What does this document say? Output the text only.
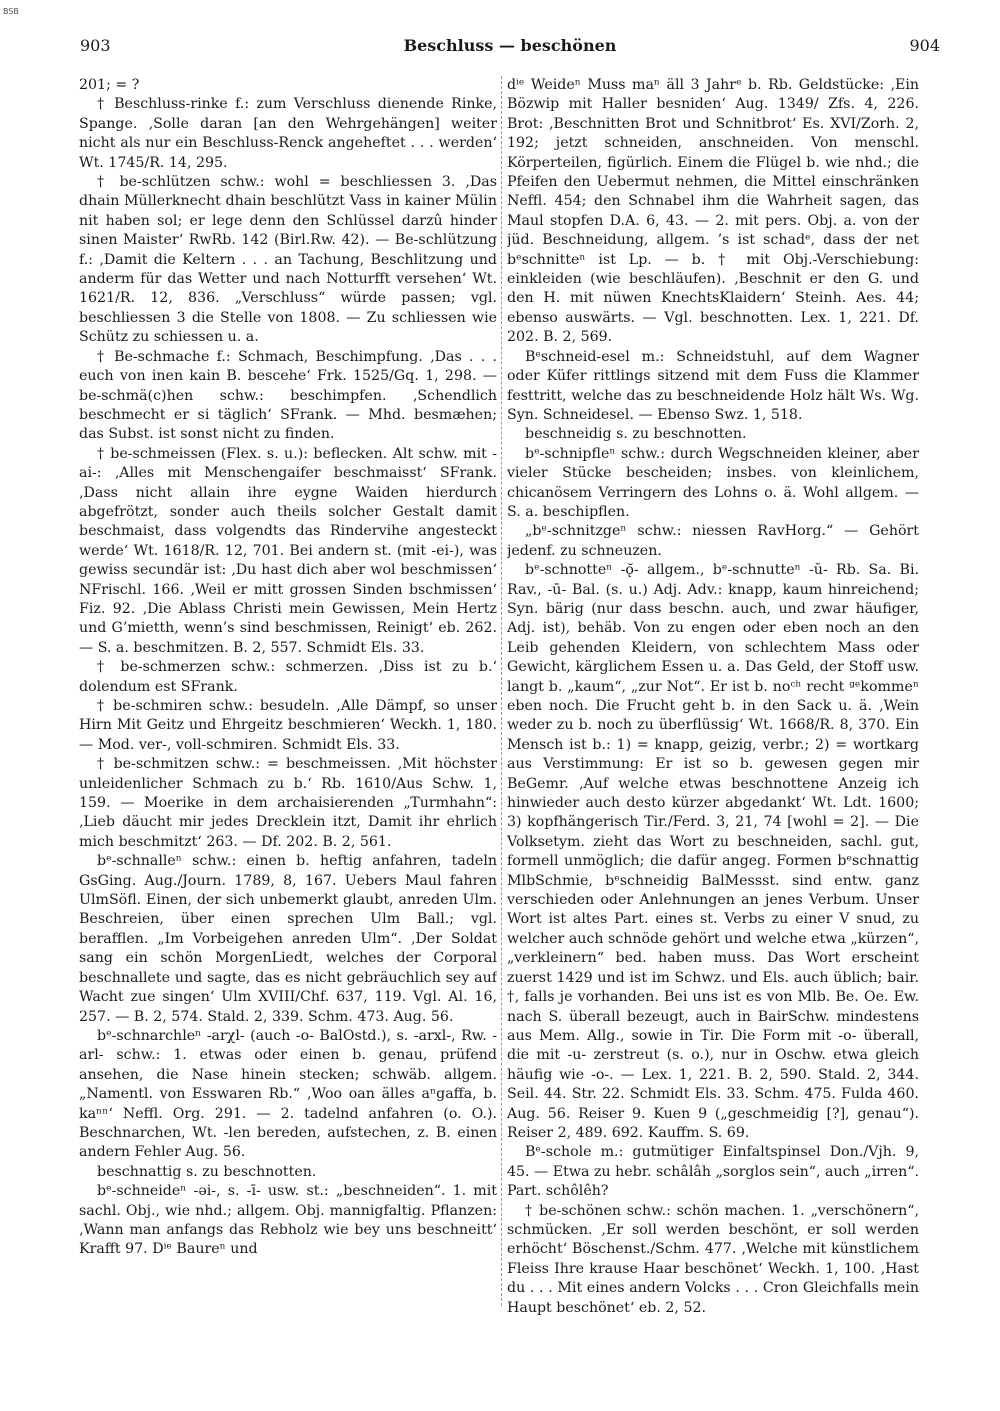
BSB
903	Beschluss — beschönen	904

201; = ?

† Beschluss-rinke f.: zum Verschluss dienende Rinke, Spange. ‚Solle daran [an den Wehrgehängen] weiter nicht als nur ein Beschluss-Renck angeheftet . . . werden‘ Wt. 1745/R. 14, 295.

† be-schlützen schw.: wohl = beschliessen 3. ‚Das dhain Müllerknecht dhain beschlützt Vass in kainer Mülin nit haben sol; er lege denn den Schlüssel darzû hinder sinen Maister‘ RwRb. 142 (Birl.Rw. 42). — Be-schlützung f.: ‚Damit die Keltern . . . an Tachung, Beschlitzung und anderm für das Wetter und nach Notturfft versehen‘ Wt. 1621/R. 12, 836. „Verschluss“ würde passen; vgl. beschliessen 3 die Stelle von 1808. — Zu schliessen wie Schütz zu schiessen u. a.

† Be-schmache f.: Schmach, Beschimpfung. ‚Das . . . euch von inen kain B. bescehe‘ Frk. 1525/Gq. 1, 298. — be-schmä(c)hen schw.: beschimpfen. ‚Schendlich beschmecht er si täglich‘ SFrank. — Mhd. besmæhen; das Subst. ist sonst nicht zu finden.

† be-schmeissen (Flex. s. u.): beflecken. Alt schw. mit -ai-: ‚Alles mit Menschengaifer beschmaisst‘ SFrank. ‚Dass nicht allain ihre eygne Waiden hierdurch abgefrötzt, sonder auch theils solcher Gestalt damit beschmaist, dass volgendts das Rindervihe angesteckt werde‘ Wt. 1618/R. 12, 701. Bei andern st. (mit -ei-), was gewiss secundär ist: ‚Du hast dich aber wol beschmissen‘ NFrischl. 166. ‚Weil er mitt grossen Sinden bschmissen‘ Fiz. 92. ‚Die Ablass Christi mein Gewissen, Mein Hertz und G’mietth, wenn’s sind beschmissen, Reinigt‘ eb. 262. — S. a. beschmitzen. B. 2, 557. Schmidt Els. 33.

† be-schmerzen schw.: schmerzen. ‚Diss ist zu b.‘ dolendum est SFrank.

† be-schmiren schw.: besudeln. ‚Alle Dämpf, so unser Hirn Mit Geitz und Ehrgeitz beschmieren‘ Weckh. 1, 180. — Mod. ver-, voll-schmiren. Schmidt Els. 33.

† be-schmitzen schw.: = beschmeissen. ‚Mit höchster unleidenlicher Schmach zu b.‘ Rb. 1610/Aus Schw. 1, 159. — Moerike in dem archaisierenden „Turmhahn“: ‚Lieb däucht mir jedes Drecklein itzt, Damit ihr ehrlich mich beschmitzt‘ 263. — Df. 202. B. 2, 561.

bᵉ-schnalleⁿ schw.: einen b. heftig anfahren, tadeln GsGing. Aug./Journ. 1789, 8, 167. Uebers Maul fahren UlmSöfl. Einen, der sich unbemerkt glaubt, anreden Ulm. Beschreien, über einen sprechen Ulm Ball.; vgl. berafflen. „Im Vorbeigehen anreden Ulm“. ‚Der Soldat sang ein schön MorgenLiedt, welches der Corporal beschnallete und sagte, das es nicht gebräuchlich sey auf Wacht zue singen‘ Ulm XVIII/Chf. 637, 119. Vgl. Al. 16, 257. — B. 2, 574. Stald. 2, 339. Schm. 473. Aug. 56.

bᵉ-schnarchleⁿ -arχl- (auch -o- BalOstd.), s. -arxl-, Rw. -arl- schw.: 1. etwas oder einen b. genau, prüfend ansehen, die Nase hinein stecken; schwäb. allgem. „Namentl. von Esswaren Rb.“ ‚Woo oan älles aⁿgaffa, b. kaⁿⁿ‘ Neffl. Org. 291. — 2. tadelnd anfahren (o. O.). Beschnarchen, Wt. -len bereden, aufstechen, z. B. einen andern Fehler Aug. 56.

beschnattig s. zu beschnotten.

bᵉ-schneideⁿ -əi-, s. -ī- usw. st.: „beschneiden“. 1. mit sachl. Obj., wie nhd.; allgem. Obj. mannigfaltig. Pflanzen: ‚Wann man anfangs das Rebholz wie bey uns beschneitt‘ Krafft 97. Dⁱᵉ Baureⁿ und

dⁱᵉ Weideⁿ Muss maⁿ äll 3 Jahrᵉ b. Rb. Geldstücke: ‚Ein Bözwip mit Haller besniden‘ Aug. 1349/ Zfs. 4, 226. Brot: ‚Beschnitten Brot und Schnitbrot‘ Es. XVI/Zorh. 2, 192; jetzt schneiden, anschneiden. Von menschl. Körperteilen, figürlich. Einem die Flügel b. wie nhd.; die Pfeifen den Uebermut nehmen, die Mittel einschränken Neffl. 454; den Schnabel ihm die Wahrheit sagen, das Maul stopfen D.A. 6, 43. — 2. mit pers. Obj. a. von der jüd. Beschneidung, allgem. ’s ist schadᵉ, dass der net bᵉschnitteⁿ ist Lp. — b. † mit Obj.-Verschiebung: einkleiden (wie beschläufen). ‚Beschnit er den G. und den H. mit nüwen KnechtsKlaidern‘ Steinh. Aes. 44; ebenso auswärts. — Vgl. beschnotten. Lex. 1, 221. Df. 202. B. 2, 569.

Bᵉschneid-esel m.: Schneidstuhl, auf dem Wagner oder Küfer rittlings sitzend mit dem Fuss die Klammer festtritt, welche das zu beschneidende Holz hält Ws. Wg. Syn. Schneidesel. — Ebenso Swz. 1, 518.

beschneidig s. zu beschnotten.

bᵉ-schnipfleⁿ schw.: durch Wegschneiden kleiner, aber vieler Stücke bescheiden; insbes. von kleinlichem, chicanösem Verringern des Lohns o. ä. Wohl allgem. — S. a. beschipflen.

„bᵉ-schnitzgeⁿ schw.: niessen RavHorg.“ — Gehört jedenf. zu schneuzen.

bᵉ-schnotteⁿ -ǫ̆- allgem., bᵉ-schnutteⁿ -ŭ- Rb. Sa. Bi. Rav., -ū- Bal. (s. u.) Adj. Adv.: knapp, kaum hinreichend; Syn. bärig (nur dass beschn. auch, und zwar häufiger, Adj. ist), behäb. Von zu engen oder eben noch an den Leib gehenden Kleidern, von schlechtem Mass oder Gewicht, kärglichem Essen u. a. Das Geld, der Stoff usw. langt b. „kaum“, „zur Not“. Er ist b. noᶜʰ recht ᵍᵉkommeⁿ eben noch. Die Frucht geht b. in den Sack u. ä. ‚Wein weder zu b. noch zu überflüssig‘ Wt. 1668/R. 8, 370. Ein Mensch ist b.: 1) = knapp, geizig, verbr.; 2) = wortkarg aus Verstimmung: Er ist so b. gewesen gegen mir BeGemr. ‚Auf welche etwas beschnottene Anzeig ich hinwieder auch desto kürzer abgedankt‘ Wt. Ldt. 1600; 3) kopfhängerisch Tir./Ferd. 3, 21, 74 [wohl = 2]. — Die Volksetym. zieht das Wort zu beschneiden, sachl. gut, formell unmöglich; die dafür angeg. Formen bᵉschnattig MlbSchmie, bᵉschneidig BalMessst. sind entw. ganz verschieden oder Anlehnungen an jenes Verbum. Unser Wort ist altes Part. eines st. Verbs zu einer V snud, zu welcher auch schnöde gehört und welche etwa „kürzen“, „verkleinern“ bed. haben muss. Das Wort erscheint zuerst 1429 und ist im Schwz. und Els. auch üblich; bair. †, falls je vorhanden. Bei uns ist es von Mlb. Be. Oe. Ew. nach S. überall bezeugt, auch in BairSchw. mindestens aus Mem. Allg., sowie in Tir. Die Form mit -o- überall, die mit -u- zerstreut (s. o.), nur in Oschw. etwa gleich häufig wie -o-. — Lex. 1, 221. B. 2, 590. Stald. 2, 344. Seil. 44. Str. 22. Schmidt Els. 33. Schm. 475. Fulda 460. Aug. 56. Reiser 9. Kuen 9 („geschmeidig [?], genau“). Reiser 2, 489. 692. Kauffm. S. 69.

Bᵉ-schole m.: gutmütiger Einfaltspinsel Don./Vjh. 9, 45. — Etwa zu hebr. schâlâh „sorglos sein“, auch „irren“. Part. schôlêh?

† be-schönen schw.: schön machen. 1. „verschönern“, schmücken. ‚Er soll werden beschönt, er soll werden erhöcht‘ Böschenst./Schm. 477. ‚Welche mit künstlichem Fleiss Ihre krause Haar beschönet‘ Weckh. 1, 100. ‚Hast du . . . Mit eines andern Volcks . . . Cron Gleichfalls mein Haupt beschönet‘ eb. 2, 52.
